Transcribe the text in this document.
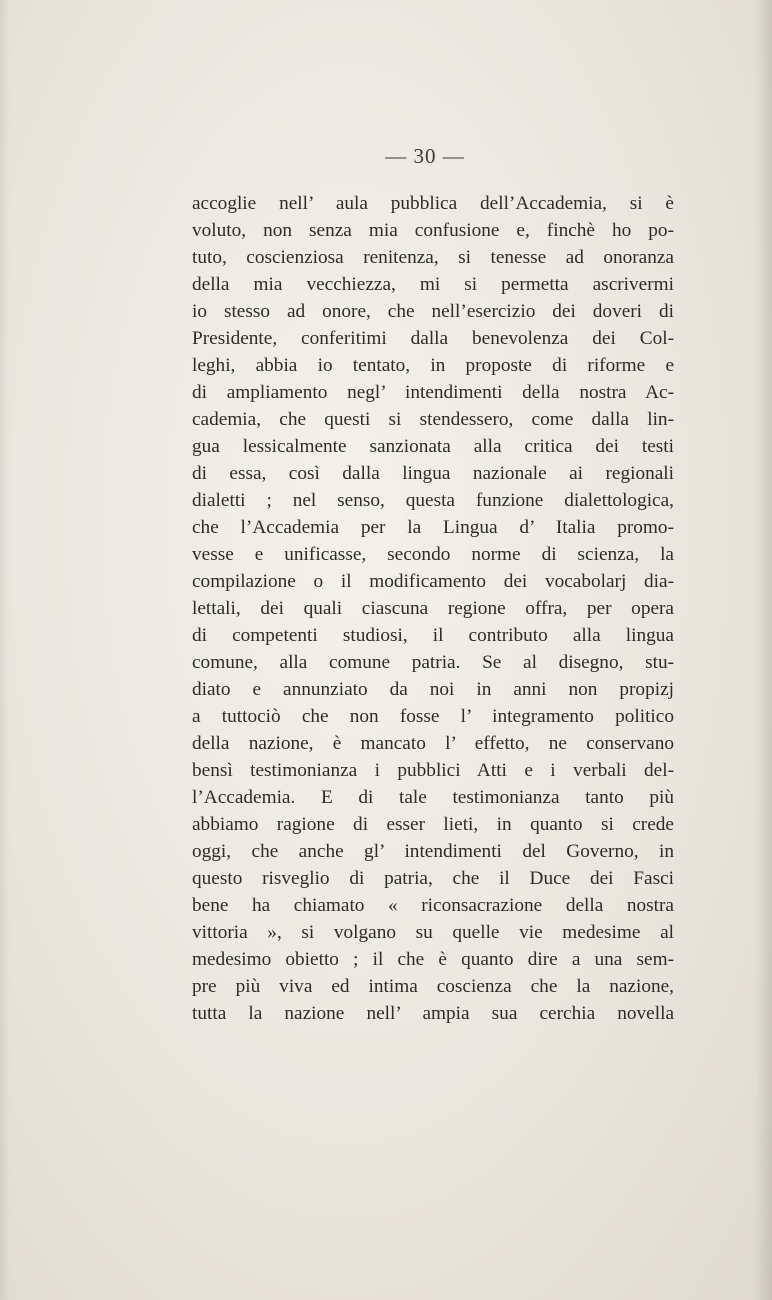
— 30 —
accoglie nell’ aula pubblica dell’Accademia, si è
voluto, non senza mia confusione e, finchè ho po-
tuto, coscienziosa renitenza, si tenesse ad onoranza
della mia vecchiezza, mi si permetta ascrivermi
io stesso ad onore, che nell’esercizio dei doveri di
Presidente, conferitimi dalla benevolenza dei Col-
leghi, abbia io tentato, in proposte di riforme e
di ampliamento negl’ intendimenti della nostra Ac-
cademia, che questi si stendessero, come dalla lin-
gua lessicalmente sanzionata alla critica dei testi
di essa, così dalla lingua nazionale ai regionali
dialetti ; nel senso, questa funzione dialettologica,
che l’Accademia per la Lingua d’ Italia promo-
vesse e unificasse, secondo norme di scienza, la
compilazione o il modificamento dei vocabolarj dia-
lettali, dei quali ciascuna regione offra, per opera
di competenti studiosi, il contributo alla lingua
comune, alla comune patria. Se al disegno, stu-
diato e annunziato da noi in anni non propizj
a tuttociò che non fosse l’ integramento politico
della nazione, è mancato l’ effetto, ne conservano
bensì testimonianza i pubblici Atti e i verbali del-
l’Accademia. E di tale testimonianza tanto più
abbiamo ragione di esser lieti, in quanto si crede
oggi, che anche gl’ intendimenti del Governo, in
questo risveglio di patria, che il Duce dei Fasci
bene ha chiamato « riconsacrazione della nostra
vittoria », si volgano su quelle vie medesime al
medesimo obietto ; il che è quanto dire a una sem-
pre più viva ed intima coscienza che la nazione,
tutta la nazione nell’ ampia sua cerchia novella
